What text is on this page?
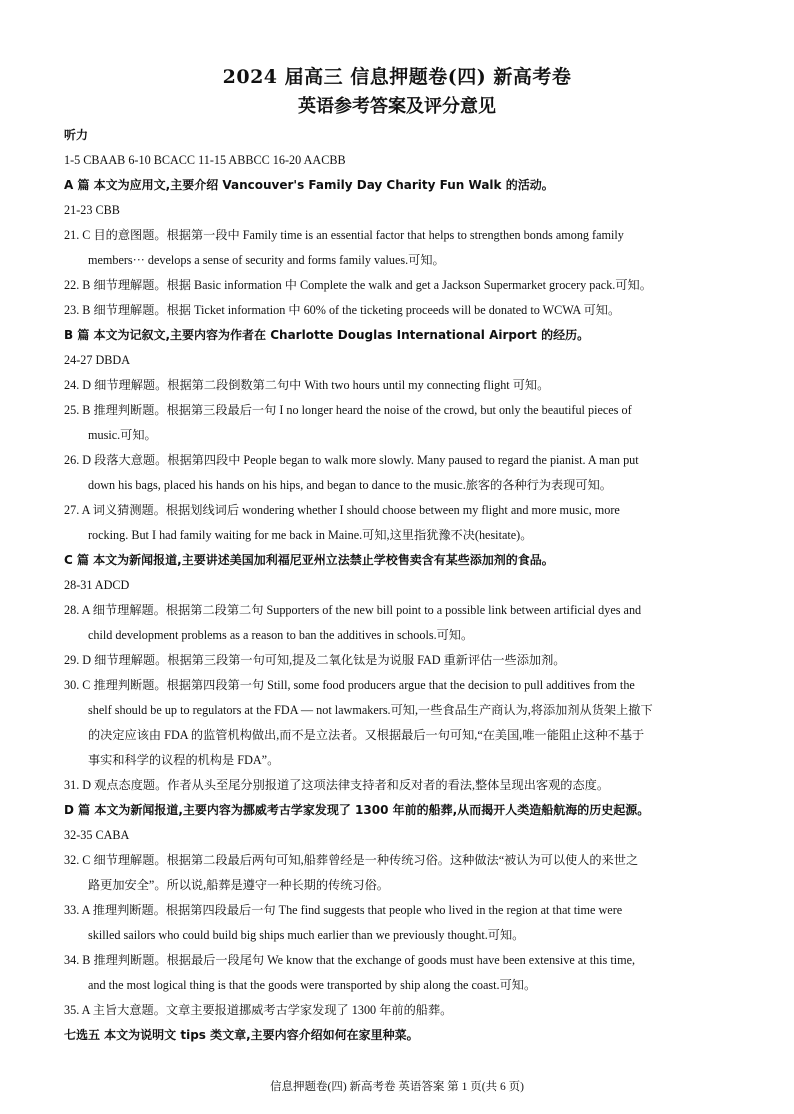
2024 届高三 信息押题卷(四) 新高考卷
英语参考答案及评分意见
听力
1-5 CBAAB 6-10 BCACC 11-15 ABBCC 16-20 AACBB
A 篇 本文为应用文,主要介绍 Vancouver's Family Day Charity Fun Walk 的活动。
21-23 CBB
21. C 目的意图题。根据第一段中 Family time is an essential factor that helps to strengthen bonds among family
members··· develops a sense of security and forms family values.可知。
22. B 细节理解题。根据 Basic information 中 Complete the walk and get a Jackson Supermarket grocery pack.可知。
23. B 细节理解题。根据 Ticket information 中 60% of the ticketing proceeds will be donated to WCWA 可知。
B 篇 本文为记叙文,主要内容为作者在 Charlotte Douglas International Airport 的经历。
24-27 DBDA
24. D 细节理解题。根据第二段倒数第二句中 With two hours until my connecting flight 可知。
25. B 推理判断题。根据第三段最后一句 I no longer heard the noise of the crowd, but only the beautiful pieces of
music.可知。
26. D 段落大意题。根据第四段中 People began to walk more slowly. Many paused to regard the pianist. A man put
down his bags, placed his hands on his hips, and began to dance to the music.旅客的各种行为表现可知。
27. A 词义猜测题。根据划线词后 wondering whether I should choose between my flight and more music, more
rocking. But I had family waiting for me back in Maine.可知,这里指犹豫不决(hesitate)。
C 篇 本文为新闻报道,主要讲述美国加利福尼亚州立法禁止学校售卖含有某些添加剂的食品。
28-31 ADCD
28. A 细节理解题。根据第二段第二句 Supporters of the new bill point to a possible link between artificial dyes and
child development problems as a reason to ban the additives in schools.可知。
29. D 细节理解题。根据第三段第一句可知,提及二氧化钛是为说服 FAD 重新评估一些添加剂。
30. C 推理判断题。根据第四段第一句 Still, some food producers argue that the decision to pull additives from the
shelf should be up to regulators at the FDA — not lawmakers.可知,一些食品生产商认为,将添加剂从货架上撤下
的决定应该由 FDA 的监管机构做出,而不是立法者。又根据最后一句可知,“在美国,唯一能阻止这种不基于
事实和科学的议程的机构是 FDA”。
31. D 观点态度题。作者从头至尾分别报道了这项法律支持者和反对者的看法,整体呈现出客观的态度。
D 篇 本文为新闻报道,主要内容为挪威考古学家发现了 1300 年前的船葬,从而揭开人类造船航海的历史起源。
32-35 CABA
32. C 细节理解题。根据第二段最后两句可知,船葬曾经是一种传统习俗。这种做法“被认为可以使人的来世之
路更加安全”。所以说,船葬是遵守一种长期的传统习俗。
33. A 推理判断题。根据第四段最后一句 The find suggests that people who lived in the region at that time were
skilled sailors who could build big ships much earlier than we previously thought.可知。
34. B 推理判断题。根据最后一段尾句 We know that the exchange of goods must have been extensive at this time,
and the most logical thing is that the goods were transported by ship along the coast.可知。
35. A 主旨大意题。文章主要报道挪威考古学家发现了 1300 年前的船葬。
七选五 本文为说明文 tips 类文章,主要内容介绍如何在家里种菜。
信息押题卷(四) 新高考卷 英语答案 第 1 页(共 6 页)
